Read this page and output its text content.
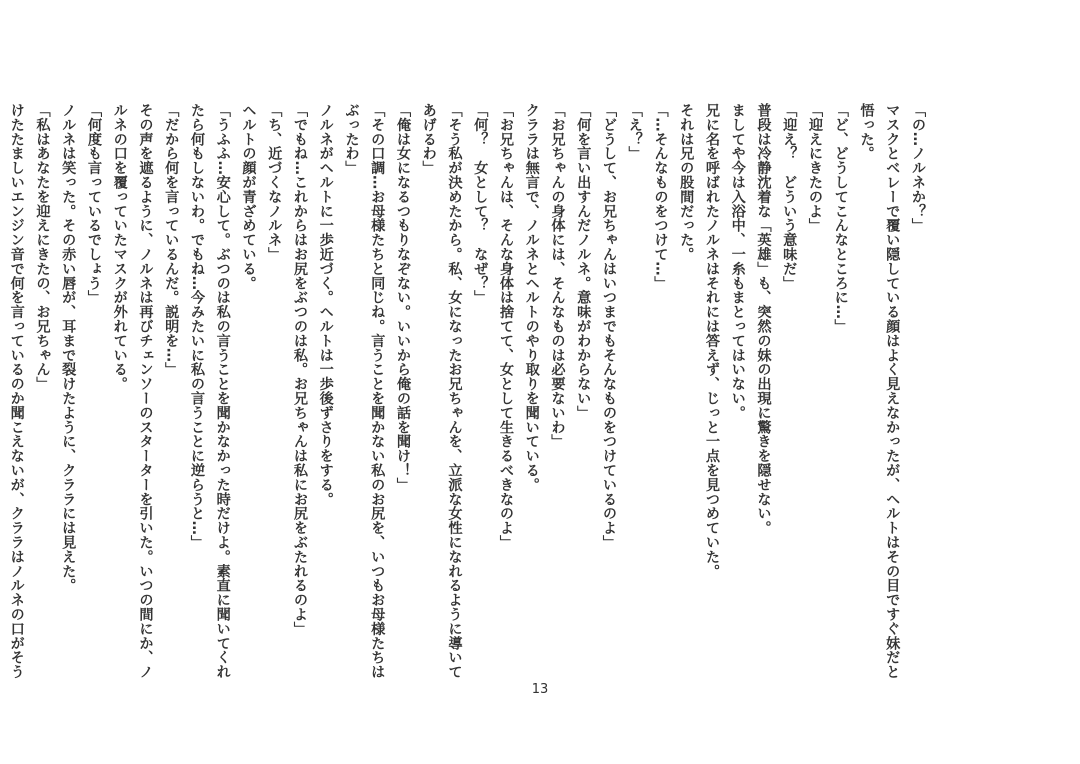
「の…ノルネか？」
マスクとベレーで覆い隠している顔はよく見えなかったが、ヘルトはその目ですぐ妹だと
悟った。
「ど、どうしてこんなところに…」
「迎えにきたのよ」
「迎え？　どういう意味だ」
普段は冷静沈着な「英雄」も、突然の妹の出現に驚きを隠せない。
ましてや今は入浴中、一糸もまとってはいない。
兄に名を呼ばれたノルネはそれには答えず、じっと一点を見つめていた。
それは兄の股間だった。
「…そんなものをつけて…」
「え？」
「どうして、お兄ちゃんはいつまでもそんなものをつけているのよ」
「何を言い出すんだノルネ。意味がわからない」
「お兄ちゃんの身体には、そんなものは必要ないわ」
クララは無言で、ノルネとヘルトのやり取りを聞いている。
「お兄ちゃんは、そんな身体は捨てて、女として生きるべきなのよ」
「何？　女として？　なぜ？」
「そう私が決めたから。私、女になったお兄ちゃんを、立派な女性になれるように導いて
あげるわ」
「俺は女になるつもりなぞない。いいから俺の話を聞け！」
「その口調…お母様たちと同じね。言うことを聞かない私のお尻を、いつもお母様たちは
ぶったわ」
ノルネがヘルトに一歩近づく。ヘルトは一歩後ずさりをする。
「でもね…これからはお尻をぶつのは私。お兄ちゃんは私にお尻をぶたれるのよ」
「ち、近づくなノルネ」
ヘルトの顔が青ざめている。
「うふふ…安心して。ぶつのは私の言うことを聞かなかった時だけよ。素直に聞いてくれ
たら何もしないわ。でもね…今みたいに私の言うことに逆らうと…」
「だから何を言っているんだ。説明を…」
その声を遮るように、ノルネは再びチェンソーのスターターを引いた。いつの間にか、ノ
ルネの口を覆っていたマスクが外れている。
「何度も言っているでしょう」
ノルネは笑った。その赤い唇が、耳まで裂けたように、クララには見えた。
「私はあなたを迎えにきたの、お兄ちゃん」
けたたましいエンジン音で何を言っているのか聞こえないが、クララはノルネの口がそう
13
